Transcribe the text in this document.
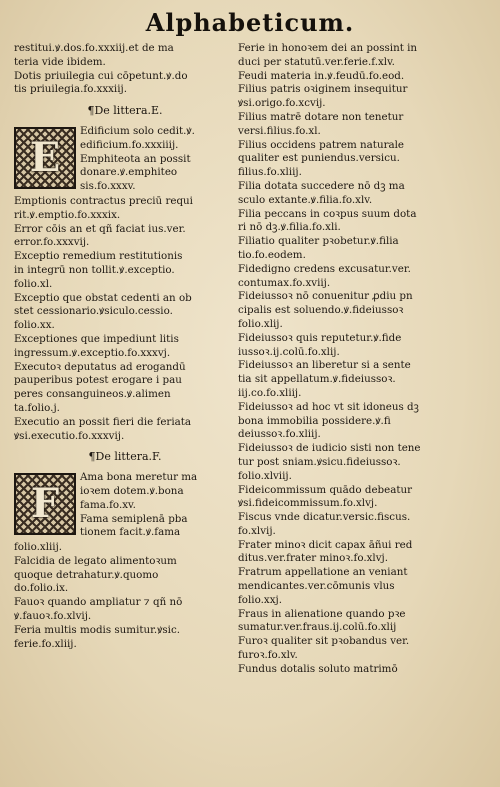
Alphabeticum.
restitui.ꝟ.dos.fo.xxxiij.et de ma
teria vide ibidem.
Dotis priuilegia cui cōpetunt.ꝟ.do
tis priuilegia.fo.xxxiij.
¶De littera.E.
E
Edificium solo cedit.ꝟ.
edificium.fo.xxxiiij.
Emphiteota an possit
donare.ꝟ.emphiteo
sis.fo.xxxv.
Emptionis contractus preciū requi
rit.ꝟ.emptio.fo.xxxix.
Error cōis an et qñ faciat ius.ver.
error.fo.xxxvij.
Exceptio remedium restitutionis
in integrū non tollit.ꝟ.exceptio.
folio.xl.
Exceptio que obstat cedenti an ob
stet cessionario.ꝟsiculo.cessio.
folio.xx.
Exceptiones que impediunt litis
ingressum.ꝟ.exceptio.fo.xxxvj.
Executoꝛ deputatus ad erogandū
pauperibus potest erogare i pau
peres consanguineos.ꝟ.alimen
ta.folio.j.
Executio an possit fieri die feriata
ꝟsi.executio.fo.xxxvij.
¶De littera.F.
F
Ama bona meretur ma
ioꝛem dotem.ꝟ.bona
fama.fo.xv.
Fama semiplenā pba
tionem facit.ꝟ.fama
folio.xliij.
Falcidia de legato alimentoꝛum
quoque detrahatur.ꝟ.quomo
do.folio.ix.
Fauoꝛ quando ampliatur ⁊ qñ nō
ꝟ.fauoꝛ.fo.xlvij.
Feria multis modis sumitur.ꝟsic.
ferie.fo.xliij.
Ferie in honoꝛem dei an possint in
duci per statutū.ver.ferie.f.xlv.
Feudi materia in.ꝟ.feudū.fo.eod.
Filius patris oꝛiginem insequitur
ꝟsi.origo.fo.xcvij.
Filius matrē dotare non tenetur
versi.filius.fo.xl.
Filius occidens patrem naturale
qualiter est puniendus.versicu.
filius.fo.xliij.
Filia dotata succedere nō dꝫ ma
sculo extante.ꝟ.filia.fo.xlv.
Filia peccans in coꝛpus suum dota
ri nō dꝫ.ꝟ.filia.fo.xli.
Filiatio qualiter pꝛobetur.ꝟ.filia
tio.fo.eodem.
Fidedigno credens excusatur.ver.
contumax.fo.xviij.
Fideiussoꝛ nō conuenitur ꝓdiu pn
cipalis est soluendo.ꝟ.fideiussoꝛ
folio.xlij.
Fideiussoꝛ quis reputetur.ꝟ.fide
iussoꝛ.ij.colū.fo.xlij.
Fideiussoꝛ an liberetur si a sente
tia sit appellatum.ꝟ.fideiussoꝛ.
iij.co.fo.xliij.
Fideiussoꝛ ad hoc vt sit idoneus dꝫ
bona immobilia possidere.ꝟ.fi
deiussoꝛ.fo.xliij.
Fideiussoꝛ de iudicio sisti non tene
tur post sniam.ꝟsicu.fideiussoꝛ.
folio.xlviij.
Fideicommissum quādo debeatur
ꝟsi.fideicommissum.fo.xlvj.
Fiscus vnde dicatur.versic.fiscus.
fo.xlvij.
Frater minoꝛ dicit capax āñui red
ditus.ver.frater minoꝛ.fo.xlvj.
Fratrum appellatione an veniant
mendicantes.ver.cōmunis vlus
folio.xxj.
Fraus in alienatione quando pꝛe
sumatur.ver.fraus.ij.colū.fo.xlij
Furoꝛ qualiter sit pꝛobandus ver.
furoꝛ.fo.xlv.
Fundus dotalis soluto matrimō
